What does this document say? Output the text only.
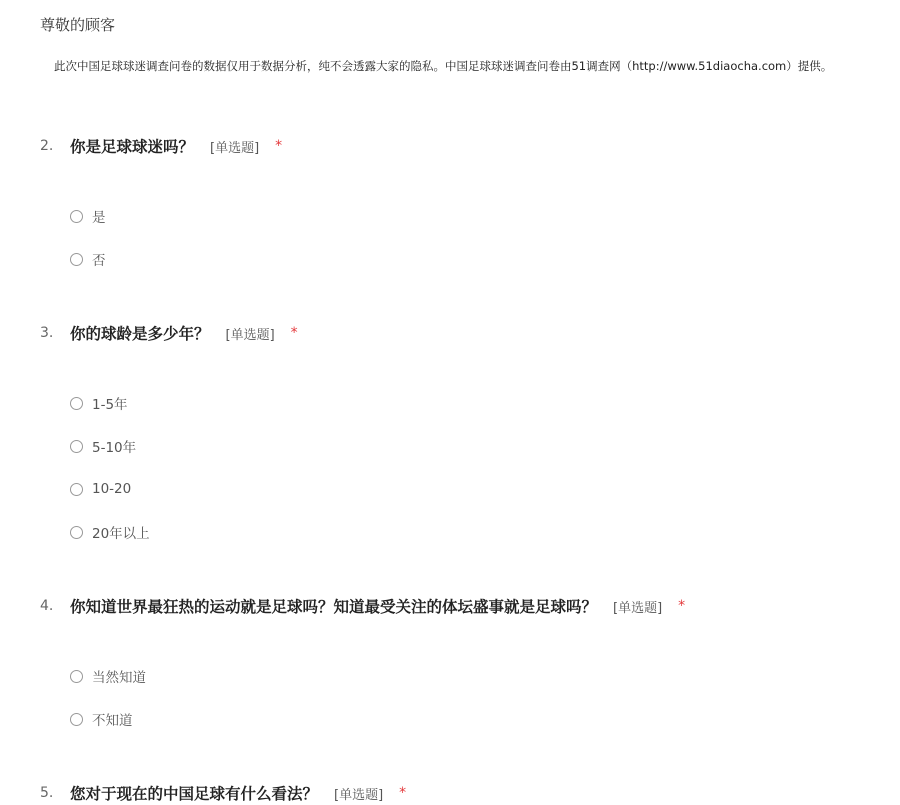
尊敬的顾客
此次中国足球球迷调查问卷的数据仅用于数据分析，纯不会透露大家的隐私。中国足球球迷调查问卷由51调查网（http://www.51diaocha.com）提供。
2.	你是足球球迷吗？ [单选题] *
是
否
3.	你的球龄是多少年？ [单选题] *
1-5年
5-10年
10-20
20年以上
4.	你知道世界最狂热的运动就是足球吗？知道最受关注的体坛盛事就是足球吗？ [单选题] *
当然知道
不知道
5.	您对于现在的中国足球有什么看法？ [单选题] *
